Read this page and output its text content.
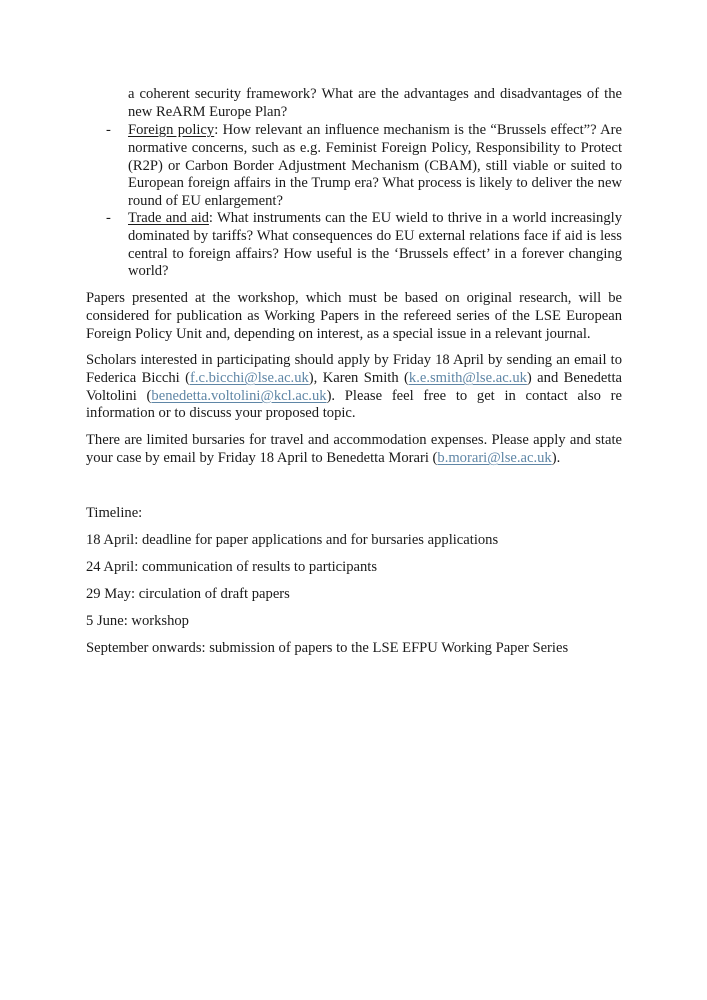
a coherent security framework? What are the advantages and disadvantages of the new ReARM Europe Plan?
-	Foreign policy: How relevant an influence mechanism is the “Brussels effect”? Are normative concerns, such as e.g. Feminist Foreign Policy, Responsibility to Protect (R2P) or Carbon Border Adjustment Mechanism (CBAM), still viable or suited to European foreign affairs in the Trump era? What process is likely to deliver the new round of EU enlargement?
-	Trade and aid: What instruments can the EU wield to thrive in a world increasingly dominated by tariffs? What consequences do EU external relations face if aid is less central to foreign affairs? How useful is the ‘Brussels effect’ in a forever changing world?
Papers presented at the workshop, which must be based on original research, will be considered for publication as Working Papers in the refereed series of the LSE European Foreign Policy Unit and, depending on interest, as a special issue in a relevant journal.
Scholars interested in participating should apply by Friday 18 April by sending an email to Federica Bicchi (f.c.bicchi@lse.ac.uk), Karen Smith (k.e.smith@lse.ac.uk) and Benedetta Voltolini (benedetta.voltolini@kcl.ac.uk). Please feel free to get in contact also re information or to discuss your proposed topic.
There are limited bursaries for travel and accommodation expenses. Please apply and state your case by email by Friday 18 April to Benedetta Morari (b.morari@lse.ac.uk).
Timeline:
18 April: deadline for paper applications and for bursaries applications
24 April: communication of results to participants
29 May: circulation of draft papers
5 June: workshop
September onwards: submission of papers to the LSE EFPU Working Paper Series
